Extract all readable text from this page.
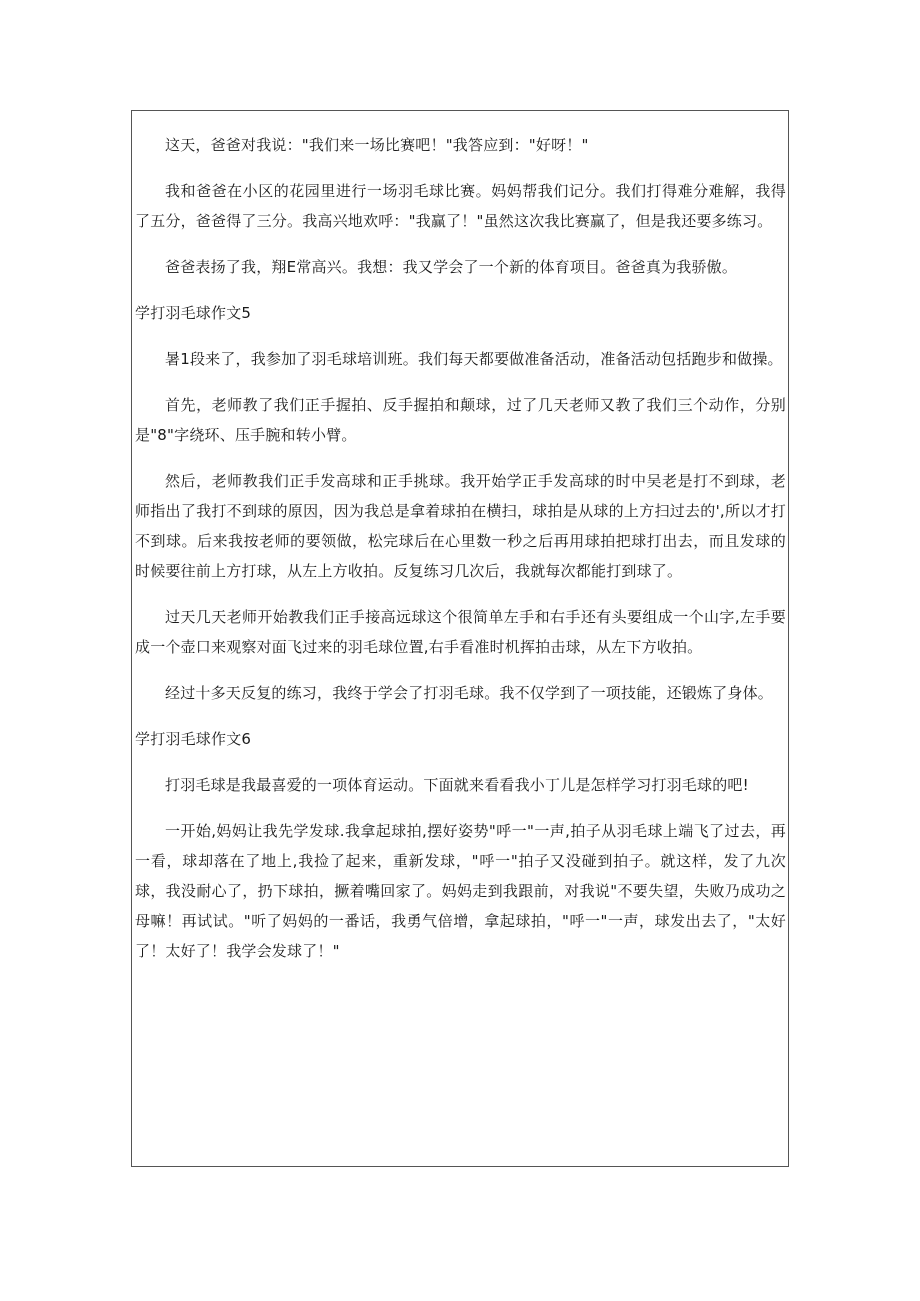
这天，爸爸对我说："我们来一场比赛吧！"我答应到："好呀！"

我和爸爸在小区的花园里进行一场羽毛球比赛。妈妈帮我们记分。我们打得难分难解，我得了五分，爸爸得了三分。我高兴地欢呼："我赢了！"虽然这次我比赛赢了，但是我还要多练习。

爸爸表扬了我，翔E常高兴。我想：我又学会了一个新的体育项目。爸爸真为我骄傲。

学打羽毛球作文5

暑1段来了，我参加了羽毛球培训班。我们每天都要做准备活动，准备活动包括跑步和做操。

首先，老师教了我们正手握拍、反手握拍和颠球，过了几天老师又教了我们三个动作，分别是"8"字绕环、压手腕和转小臂。

然后，老师教我们正手发高球和正手挑球。我开始学正手发高球的时中吴老是打不到球，老师指出了我打不到球的原因，因为我总是拿着球拍在横扫，球拍是从球的上方扫过去的',所以才打不到球。后来我按老师的要领做，松完球后在心里数一秒之后再用球拍把球打出去，而且发球的时候要往前上方打球，从左上方收拍。反复练习几次后，我就每次都能打到球了。

过天几天老师开始教我们正手接高远球这个很简单左手和右手还有头要组成一个山字,左手要成一个壶口来观察对面飞过来的羽毛球位置,右手看准时机挥拍击球，从左下方收拍。

经过十多天反复的练习，我终于学会了打羽毛球。我不仅学到了一项技能，还锻炼了身体。

学打羽毛球作文6

打羽毛球是我最喜爱的一项体育运动。下面就来看看我小丁儿是怎样学习打羽毛球的吧!

一开始,妈妈让我先学发球.我拿起球拍,摆好姿势"呼一"一声,拍子从羽毛球上端飞了过去，再一看，球却落在了地上,我捡了起来，重新发球，"呼一"拍子又没碰到拍子。就这样，发了九次球，我没耐心了，扔下球拍，撅着嘴回家了。妈妈走到我跟前，对我说"不要失望，失败乃成功之母嘛！再试试。"听了妈妈的一番话，我勇气倍增，拿起球拍，"呼一"一声，球发出去了，"太好了！太好了！我学会发球了！"
